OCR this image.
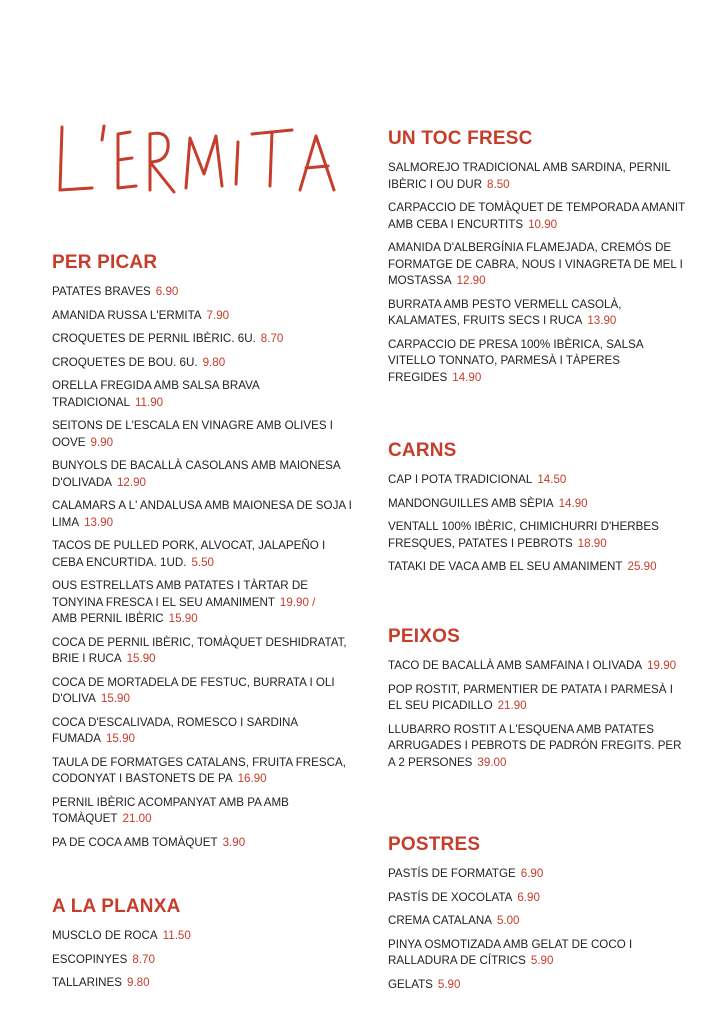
PER PICAR
PATATES BRAVES 6.90
AMANIDA RUSSA L'ERMITA 7.90
CROQUETES DE PERNIL IBÈRIC. 6U. 8.70
CROQUETES DE BOU. 6U. 9.80
ORELLA FREGIDA AMB SALSA BRAVA TRADICIONAL 11.90
SEITONS DE L'ESCALA EN VINAGRE AMB OLIVES I OOVE 9.90
BUNYOLS DE BACALLÀ CASOLANS AMB MAIONESA D'OLIVADA 12.90
CALAMARS A L' ANDALUSA AMB MAIONESA DE SOJA I LIMA 13.90
TACOS DE PULLED PORK, ALVOCAT, JALAPEÑO I CEBA ENCURTIDA. 1UD. 5.50
OUS ESTRELLATS AMB PATATES I TÀRTAR DE TONYINA FRESCA I EL SEU AMANIMENT 19.90 /
AMB PERNIL IBÈRIC 15.90
COCA DE PERNIL IBÈRIC, TOMÀQUET DESHIDRATAT, BRIE I RUCA 15.90
COCA DE MORTADELA DE FESTUC, BURRATA I OLI D'OLIVA 15.90
COCA D'ESCALIVADA, ROMESCO I SARDINA FUMADA 15.90
TAULA DE FORMATGES CATALANS, FRUITA FRESCA, CODONYAT I BASTONETS DE PA 16.90
PERNIL IBÈRIC ACOMPANYAT AMB PA AMB TOMÀQUET 21.00
PA DE COCA AMB TOMÀQUET 3.90
A LA PLANXA
MUSCLO DE ROCA 11.50
ESCOPINYES 8.70
TALLARINES 9.80
UN TOC FRESC
SALMOREJO TRADICIONAL AMB SARDINA, PERNIL IBÈRIC I OU DUR 8.50
CARPACCIO DE TOMÀQUET DE TEMPORADA AMANIT AMB CEBA I ENCURTITS 10.90
AMANIDA D'ALBERGÍNIA FLAMEJADA, CREMÓS DE FORMATGE DE CABRA, NOUS I VINAGRETA DE MEL I MOSTASSA 12.90
BURRATA AMB PESTO VERMELL CASOLÀ, KALAMATES, FRUITS SECS I RUCA 13.90
CARPACCIO DE PRESA 100% IBÈRICA, SALSA VITELLO TONNATO, PARMESÀ I TÀPERES FREGIDES 14.90
CARNS
CAP I POTA TRADICIONAL 14.50
MANDONGUILLES AMB SÈPIA 14.90
VENTALL 100% IBÈRIC, CHIMICHURRI D'HERBES FRESQUES, PATATES I PEBROTS 18.90
TATAKI DE VACA AMB EL SEU AMANIMENT 25.90
PEIXOS
TACO DE BACALLÀ AMB SAMFAINA I OLIVADA 19.90
POP ROSTIT, PARMENTIER DE PATATA I PARMESÀ I EL SEU PICADILLO 21.90
LLUBARRO ROSTIT A L'ESQUENA AMB PATATES ARRUGADES I PEBROTS DE PADRÓN FREGITS. PER A 2 PERSONES 39.00
POSTRES
PASTÍS DE FORMATGE 6.90
PASTÍS DE XOCOLATA 6.90
CREMA CATALANA 5.00
PINYA OSMOTIZADA AMB GELAT DE COCO I RALLADURA DE CÍTRICS 5.90
GELATS 5.90
